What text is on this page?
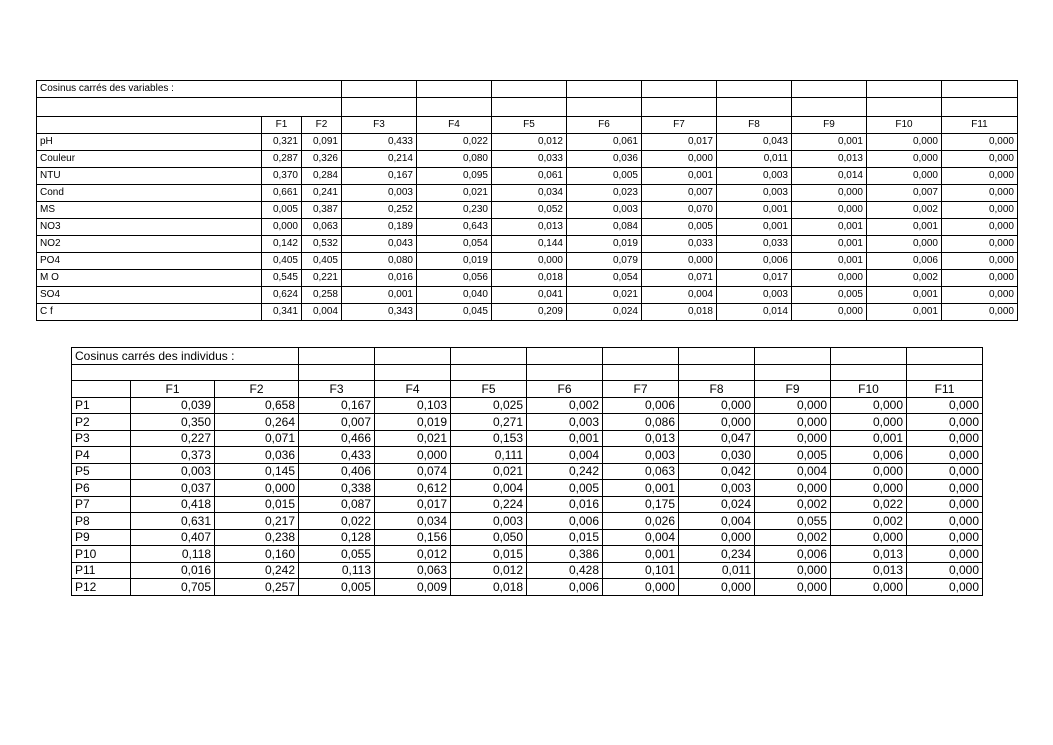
Cosinus carrés des variables :											

	F1	F2	F3	F4	F5	F6	F7	F8	F9	F10	F11
pH	0,321	0,091	0,433	0,022	0,012	0,061	0,017	0,043	0,001	0,000	0,000
Couleur	0,287	0,326	0,214	0,080	0,033	0,036	0,000	0,011	0,013	0,000	0,000
NTU	0,370	0,284	0,167	0,095	0,061	0,005	0,001	0,003	0,014	0,000	0,000
Cond	0,661	0,241	0,003	0,021	0,034	0,023	0,007	0,003	0,000	0,007	0,000
MS	0,005	0,387	0,252	0,230	0,052	0,003	0,070	0,001	0,000	0,002	0,000
NO3	0,000	0,063	0,189	0,643	0,013	0,084	0,005	0,001	0,001	0,001	0,000
NO2	0,142	0,532	0,043	0,054	0,144	0,019	0,033	0,033	0,001	0,000	0,000
PO4	0,405	0,405	0,080	0,019	0,000	0,079	0,000	0,006	0,001	0,006	0,000
M O	0,545	0,221	0,016	0,056	0,018	0,054	0,071	0,017	0,000	0,002	0,000
SO4	0,624	0,258	0,001	0,040	0,041	0,021	0,004	0,003	0,005	0,001	0,000
C f	0,341	0,004	0,343	0,045	0,209	0,024	0,018	0,014	0,000	0,001	0,000
Cosinus carrés des individus :											

	F1	F2	F3	F4	F5	F6	F7	F8	F9	F10	F11
P1	0,039	0,658	0,167	0,103	0,025	0,002	0,006	0,000	0,000	0,000	0,000
P2	0,350	0,264	0,007	0,019	0,271	0,003	0,086	0,000	0,000	0,000	0,000
P3	0,227	0,071	0,466	0,021	0,153	0,001	0,013	0,047	0,000	0,001	0,000
P4	0,373	0,036	0,433	0,000	0,111	0,004	0,003	0,030	0,005	0,006	0,000
P5	0,003	0,145	0,406	0,074	0,021	0,242	0,063	0,042	0,004	0,000	0,000
P6	0,037	0,000	0,338	0,612	0,004	0,005	0,001	0,003	0,000	0,000	0,000
P7	0,418	0,015	0,087	0,017	0,224	0,016	0,175	0,024	0,002	0,022	0,000
P8	0,631	0,217	0,022	0,034	0,003	0,006	0,026	0,004	0,055	0,002	0,000
P9	0,407	0,238	0,128	0,156	0,050	0,015	0,004	0,000	0,002	0,000	0,000
P10	0,118	0,160	0,055	0,012	0,015	0,386	0,001	0,234	0,006	0,013	0,000
P11	0,016	0,242	0,113	0,063	0,012	0,428	0,101	0,011	0,000	0,013	0,000
P12	0,705	0,257	0,005	0,009	0,018	0,006	0,000	0,000	0,000	0,000	0,000
